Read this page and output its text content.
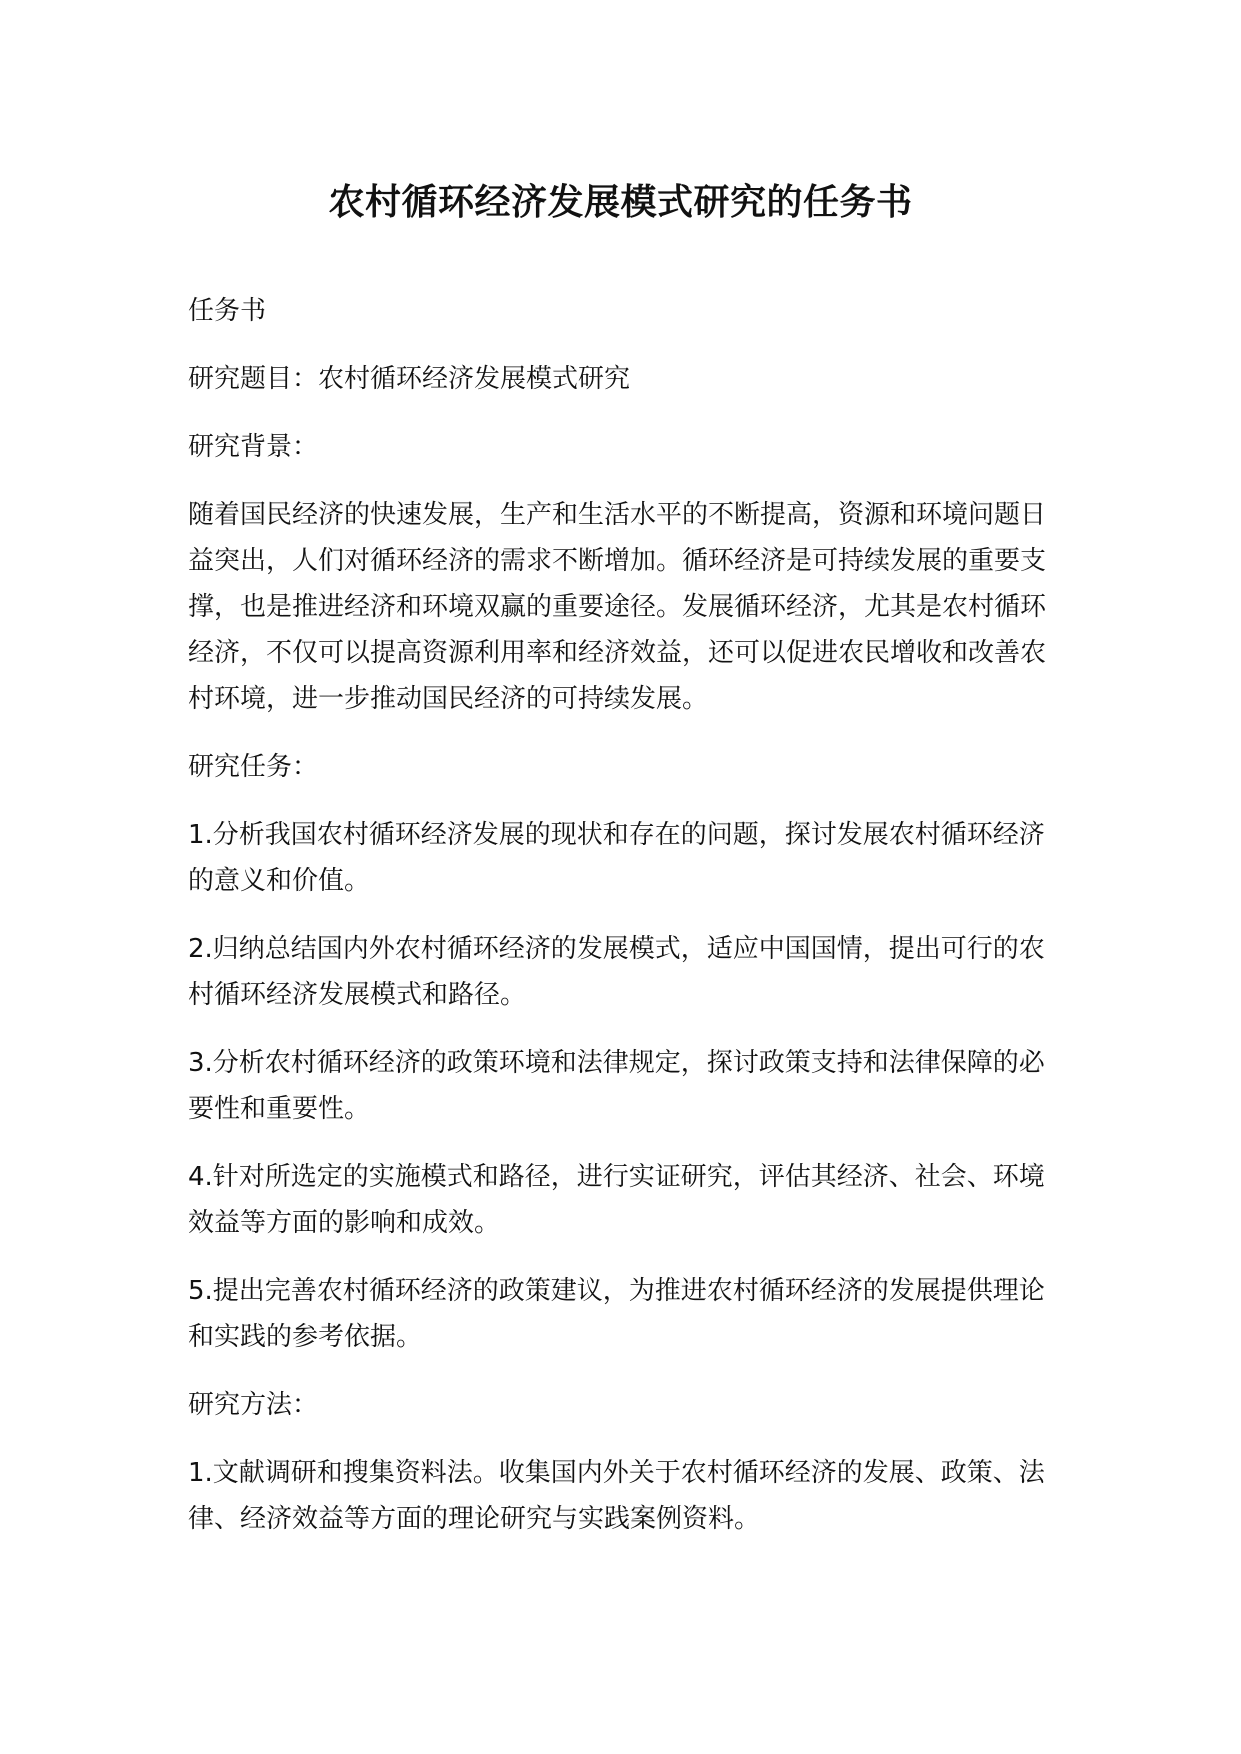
农村循环经济发展模式研究的任务书

任务书

研究题目：农村循环经济发展模式研究

研究背景：

随着国民经济的快速发展，生产和生活水平的不断提高，资源和环境问题日益突出，人们对循环经济的需求不断增加。循环经济是可持续发展的重要支撑，也是推进经济和环境双赢的重要途径。发展循环经济，尤其是农村循环经济，不仅可以提高资源利用率和经济效益，还可以促进农民增收和改善农村环境，进一步推动国民经济的可持续发展。

研究任务：

1.分析我国农村循环经济发展的现状和存在的问题，探讨发展农村循环经济的意义和价值。

2.归纳总结国内外农村循环经济的发展模式，适应中国国情，提出可行的农村循环经济发展模式和路径。

3.分析农村循环经济的政策环境和法律规定，探讨政策支持和法律保障的必要性和重要性。

4.针对所选定的实施模式和路径，进行实证研究，评估其经济、社会、环境效益等方面的影响和成效。

5.提出完善农村循环经济的政策建议，为推进农村循环经济的发展提供理论和实践的参考依据。

研究方法：

1.文献调研和搜集资料法。收集国内外关于农村循环经济的发展、政策、法律、经济效益等方面的理论研究与实践案例资料。
